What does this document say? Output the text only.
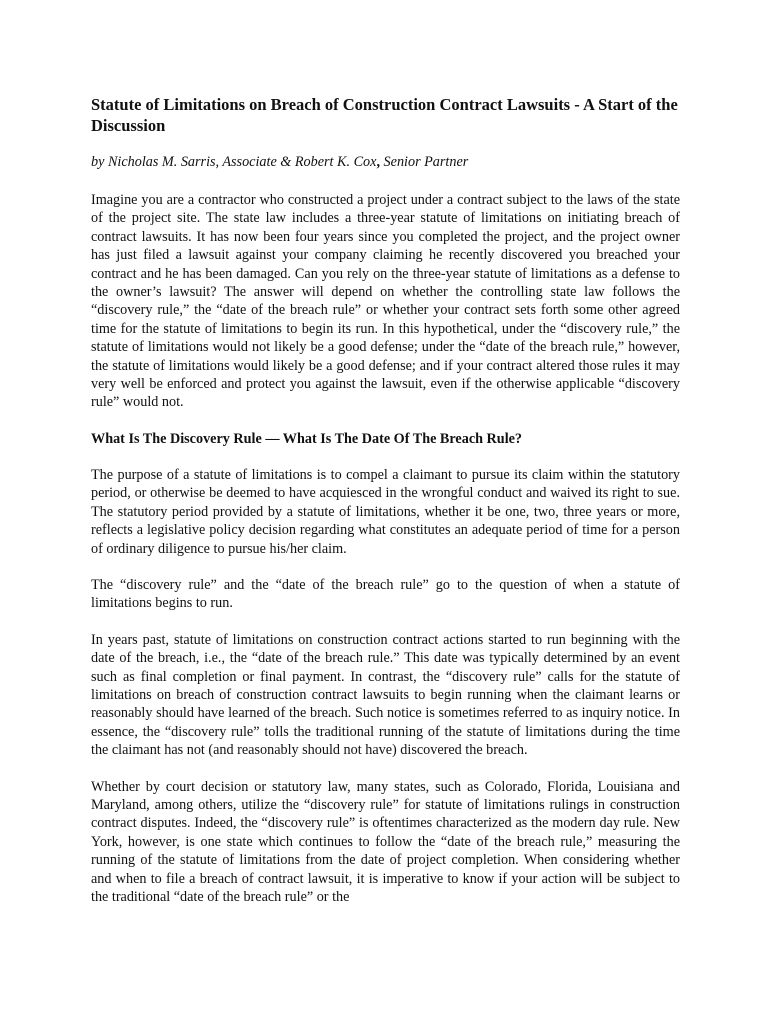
Statute of Limitations on Breach of Construction Contract Lawsuits - A Start of the Discussion
by Nicholas M. Sarris, Associate & Robert K. Cox, Senior Partner

Imagine you are a contractor who constructed a project under a contract subject to the laws of the state of the project site. The state law includes a three-year statute of limitations on initiating breach of contract lawsuits. It has now been four years since you completed the project, and the project owner has just filed a lawsuit against your company claiming he recently discovered you breached your contract and he has been damaged. Can you rely on the three-year statute of limitations as a defense to the owner’s lawsuit? The answer will depend on whether the controlling state law follows the “discovery rule,” the “date of the breach rule” or whether your contract sets forth some other agreed time for the statute of limitations to begin its run. In this hypothetical, under the “discovery rule,” the statute of limitations would not likely be a good defense; under the “date of the breach rule,” however, the statute of limitations would likely be a good defense; and if your contract altered those rules it may very well be enforced and protect you against the lawsuit, even if the otherwise applicable “discovery rule” would not.

What Is The Discovery Rule — What Is The Date Of The Breach Rule?

The purpose of a statute of limitations is to compel a claimant to pursue its claim within the statutory period, or otherwise be deemed to have acquiesced in the wrongful conduct and waived its right to sue. The statutory period provided by a statute of limitations, whether it be one, two, three years or more, reflects a legislative policy decision regarding what constitutes an adequate period of time for a person of ordinary diligence to pursue his/her claim.

The “discovery rule” and the “date of the breach rule” go to the question of when a statute of limitations begins to run.

In years past, statute of limitations on construction contract actions started to run beginning with the date of the breach, i.e., the “date of the breach rule.” This date was typically determined by an event such as final completion or final payment. In contrast, the “discovery rule” calls for the statute of limitations on breach of construction contract lawsuits to begin running when the claimant learns or reasonably should have learned of the breach. Such notice is sometimes referred to as inquiry notice. In essence, the “discovery rule” tolls the traditional running of the statute of limitations during the time the claimant has not (and reasonably should not have) discovered the breach.

Whether by court decision or statutory law, many states, such as Colorado, Florida, Louisiana and Maryland, among others, utilize the “discovery rule” for statute of limitations rulings in construction contract disputes. Indeed, the “discovery rule” is oftentimes characterized as the modern day rule. New York, however, is one state which continues to follow the “date of the breach rule,” measuring the running of the statute of limitations from the date of project completion. When considering whether and when to file a breach of contract lawsuit, it is imperative to know if your action will be subject to the traditional “date of the breach rule” or the
